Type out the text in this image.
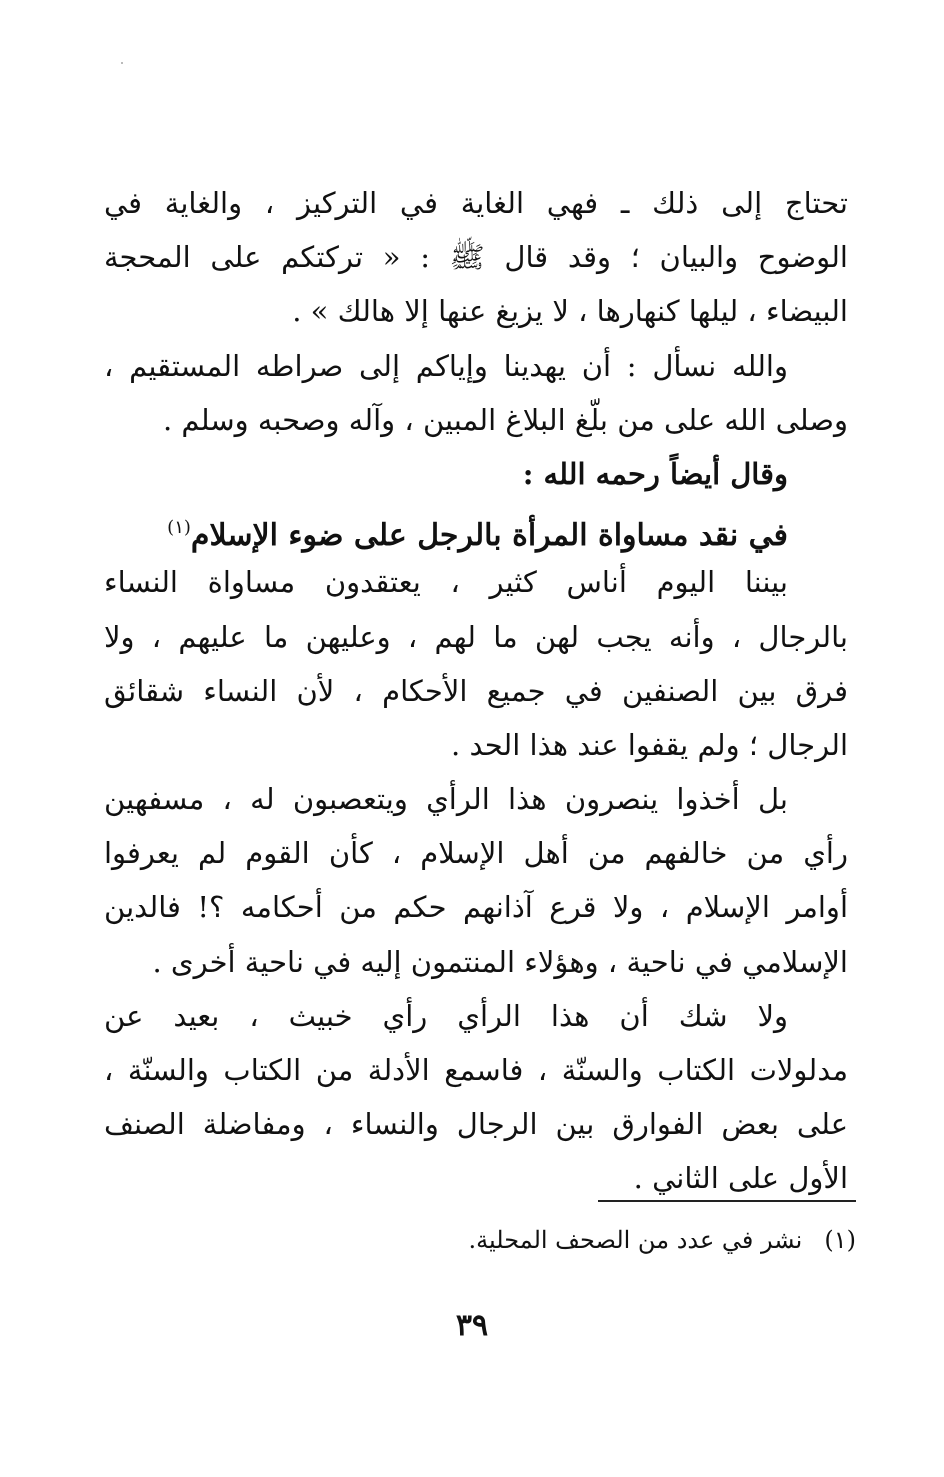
تحتاج إلى ذلك ـ فهي الغاية في التركيز ، والغاية في
الوضوح والبيان ؛ وقد قال ﷺ : « تركتكم على المحجة
البيضاء ، ليلها كنهارها ، لا يزيغ عنها إلا هالك » .
والله نسأل : أن يهدينا وإياكم إلى صراطه المستقيم ،
وصلى الله على من بلّغ البلاغ المبين ، وآله وصحبه وسلم .
وقال أيضاً رحمه الله :
في نقد مساواة المرأة بالرجل على ضوء الإسلام$^{(١)}$
بيننا اليوم أناس كثير ، يعتقدون مساواة النساء
بالرجال ، وأنه يجب لهن ما لهم ، وعليهن ما عليهم ، ولا
فرق بين الصنفين في جميع الأحكام ، لأن النساء شقائق
الرجال ؛ ولم يقفوا عند هذا الحد .
بل أخذوا ينصرون هذا الرأي ويتعصبون له ، مسفهين
رأي من خالفهم من أهل الإسلام ، كأن القوم لم يعرفوا
أوامر الإسلام ، ولا قرع آذانهم حكم من أحكامه ؟! فالدين
الإسلامي في ناحية ، وهؤلاء المنتمون إليه في ناحية أخرى .
ولا شك أن هذا الرأي رأي خبيث ، بعيد عن
مدلولات الكتاب والسنّة ، فاسمع الأدلة من الكتاب والسنّة ،
على بعض الفوارق بين الرجال والنساء ، ومفاضلة الصنف
الأول على الثاني .
(١)نشر في عدد من الصحف المحلية.
٣٩
